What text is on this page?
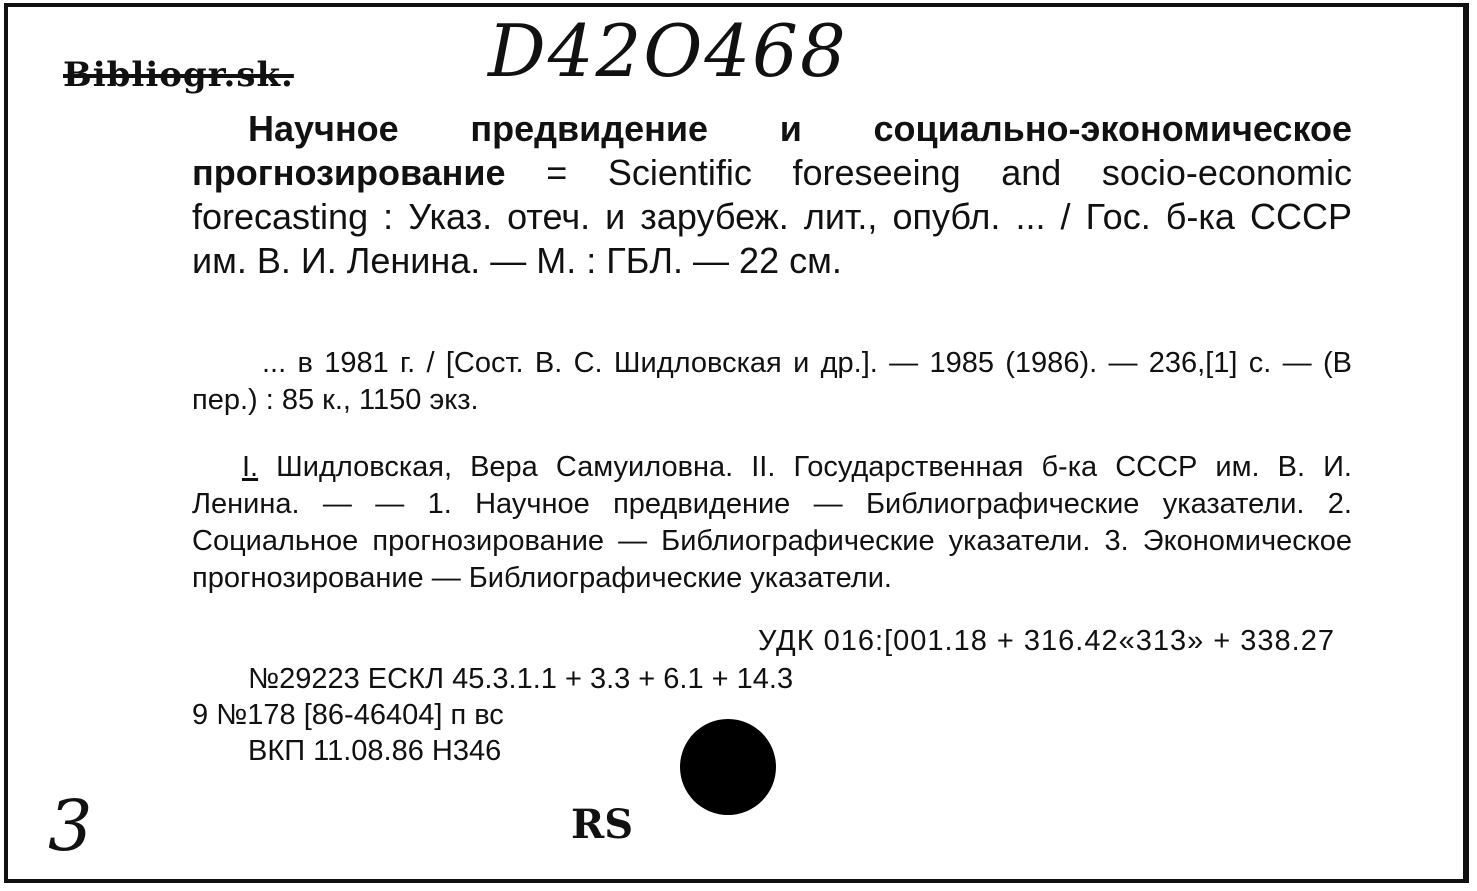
Bibliogr.sk.	D42O468
Научное предвидение и социально-экономическое прогнозирование = Scientific foreseeing and socio-economic forecasting : Указ. отеч. и зарубеж. лит., опубл. ... / Гос. б-ка СССР им. В. И. Ленина. — М. : ГБЛ. — 22 см.
... в 1981 г. / [Сост. В. С. Шидловская и др.]. — 1985 (1986). — 236,[1] с. — (В пер.) : 85 к., 1150 экз.
I. Шидловская, Вера Самуиловна. II. Государственная б-ка СССР им. В. И. Ленина. — — 1. Научное предвидение — Библиографические указатели. 2. Социальное прогнозирование — Библиографические указатели. 3. Экономическое прогнозирование — Библиографические указатели.
УДК 016:[001.18 + 316.42«313» + 338.27
№29223 ЕСКЛ 45.3.1.1 + 3.3 + 6.1 + 14.3
9 №178 [86-46404] п вс
ВКП 11.08.86 Н346
3	RS
